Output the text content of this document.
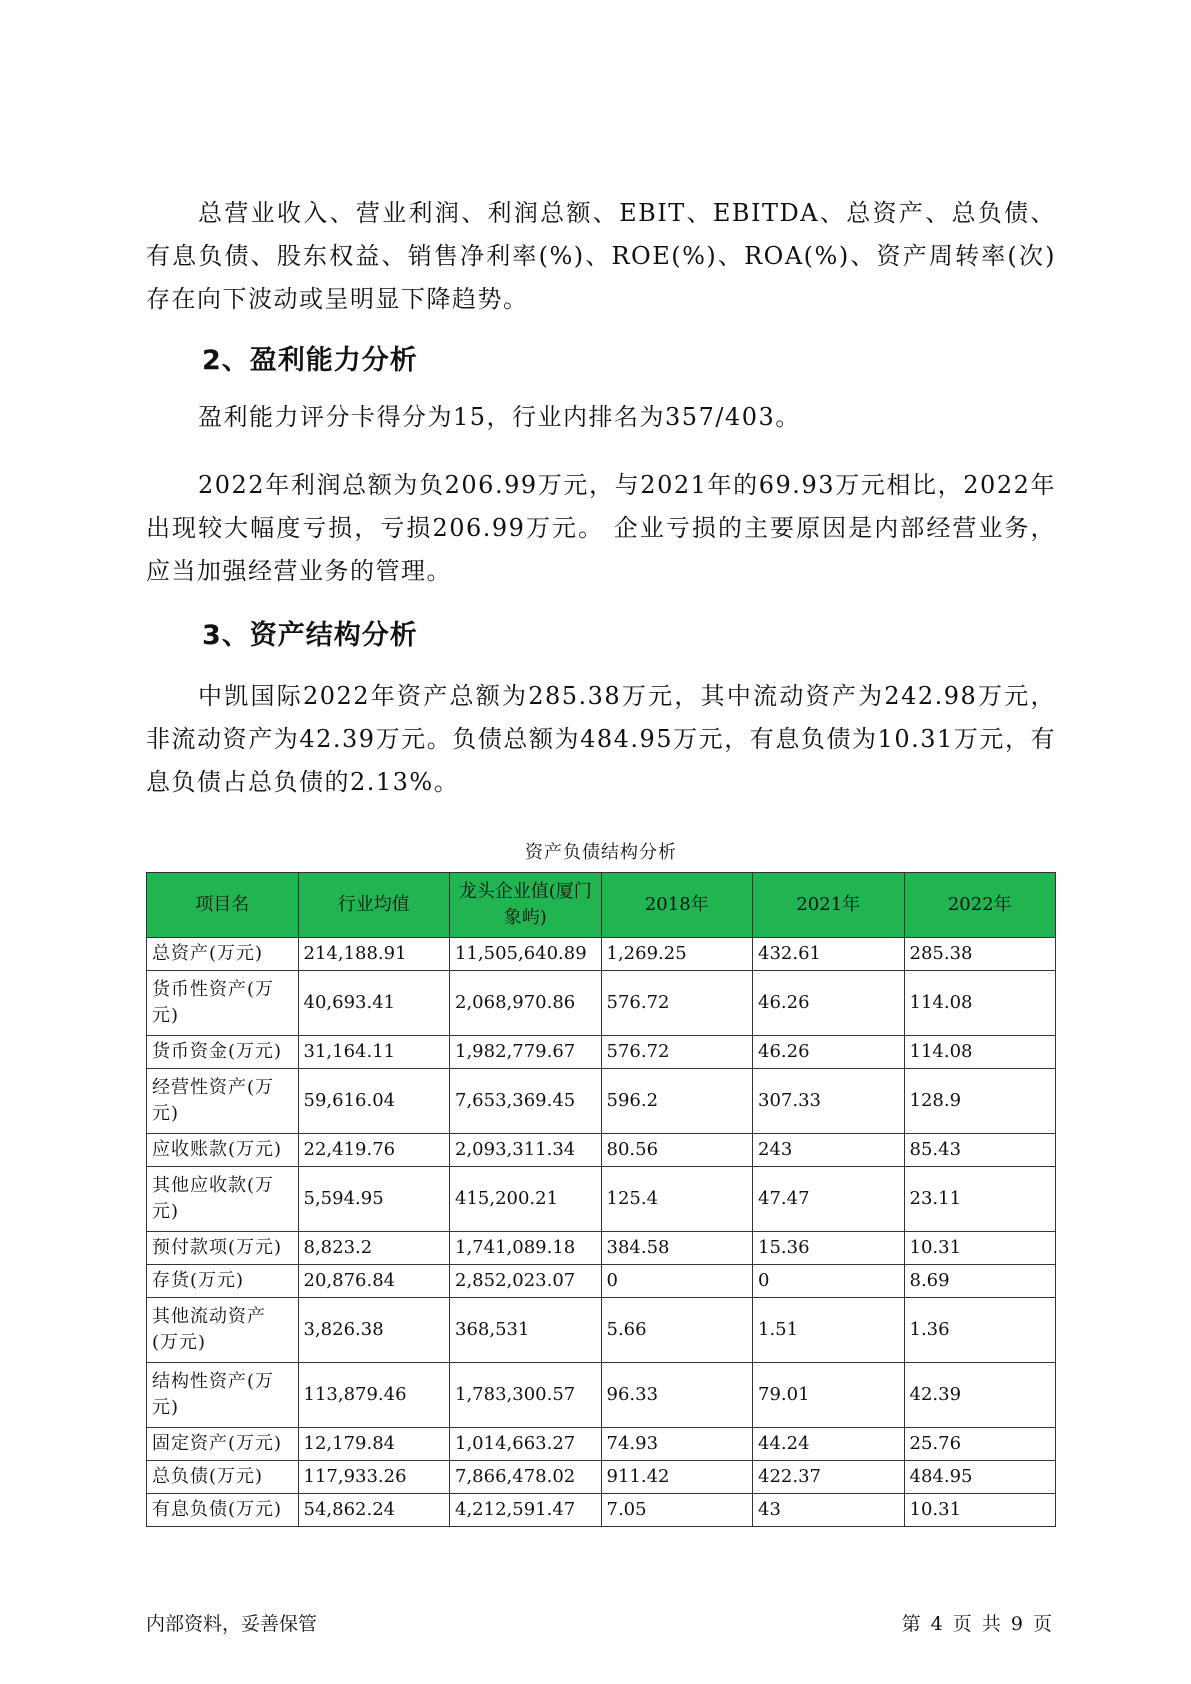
总营业收入、营业利润、利润总额、EBIT、EBITDA、总资产、总负债、有息负债、股东权益、销售净利率(%)、ROE(%)、ROA(%)、资产周转率(次)存在向下波动或呈明显下降趋势。

2、盈利能力分析

盈利能力评分卡得分为15，行业内排名为357/403。

2022年利润总额为负206.99万元，与2021年的69.93万元相比，2022年出现较大幅度亏损，亏损206.99万元。 企业亏损的主要原因是内部经营业务，应当加强经营业务的管理。

3、资产结构分析

中凯国际2022年资产总额为285.38万元，其中流动资产为242.98万元，非流动资产为42.39万元。负债总额为484.95万元，有息负债为10.31万元，有息负债占总负债的2.13%。

资产负债结构分析
项目名	行业均值	龙头企业值(厦门象屿)	2018年	2021年	2022年
总资产(万元)	214,188.91	11,505,640.89	1,269.25	432.61	285.38
货币性资产(万元)	40,693.41	2,068,970.86	576.72	46.26	114.08
货币资金(万元)	31,164.11	1,982,779.67	576.72	46.26	114.08
经营性资产(万元)	59,616.04	7,653,369.45	596.2	307.33	128.9
应收账款(万元)	22,419.76	2,093,311.34	80.56	243	85.43
其他应收款(万元)	5,594.95	415,200.21	125.4	47.47	23.11
预付款项(万元)	8,823.2	1,741,089.18	384.58	15.36	10.31
存货(万元)	20,876.84	2,852,023.07	0	0	8.69
其他流动资产(万元)	3,826.38	368,531	5.66	1.51	1.36
结构性资产(万元)	113,879.46	1,783,300.57	96.33	79.01	42.39
固定资产(万元)	12,179.84	1,014,663.27	74.93	44.24	25.76
总负债(万元)	117,933.26	7,866,478.02	911.42	422.37	484.95
有息负债(万元)	54,862.24	4,212,591.47	7.05	43	10.31
内部资料，妥善保管	第 4 页 共 9 页
